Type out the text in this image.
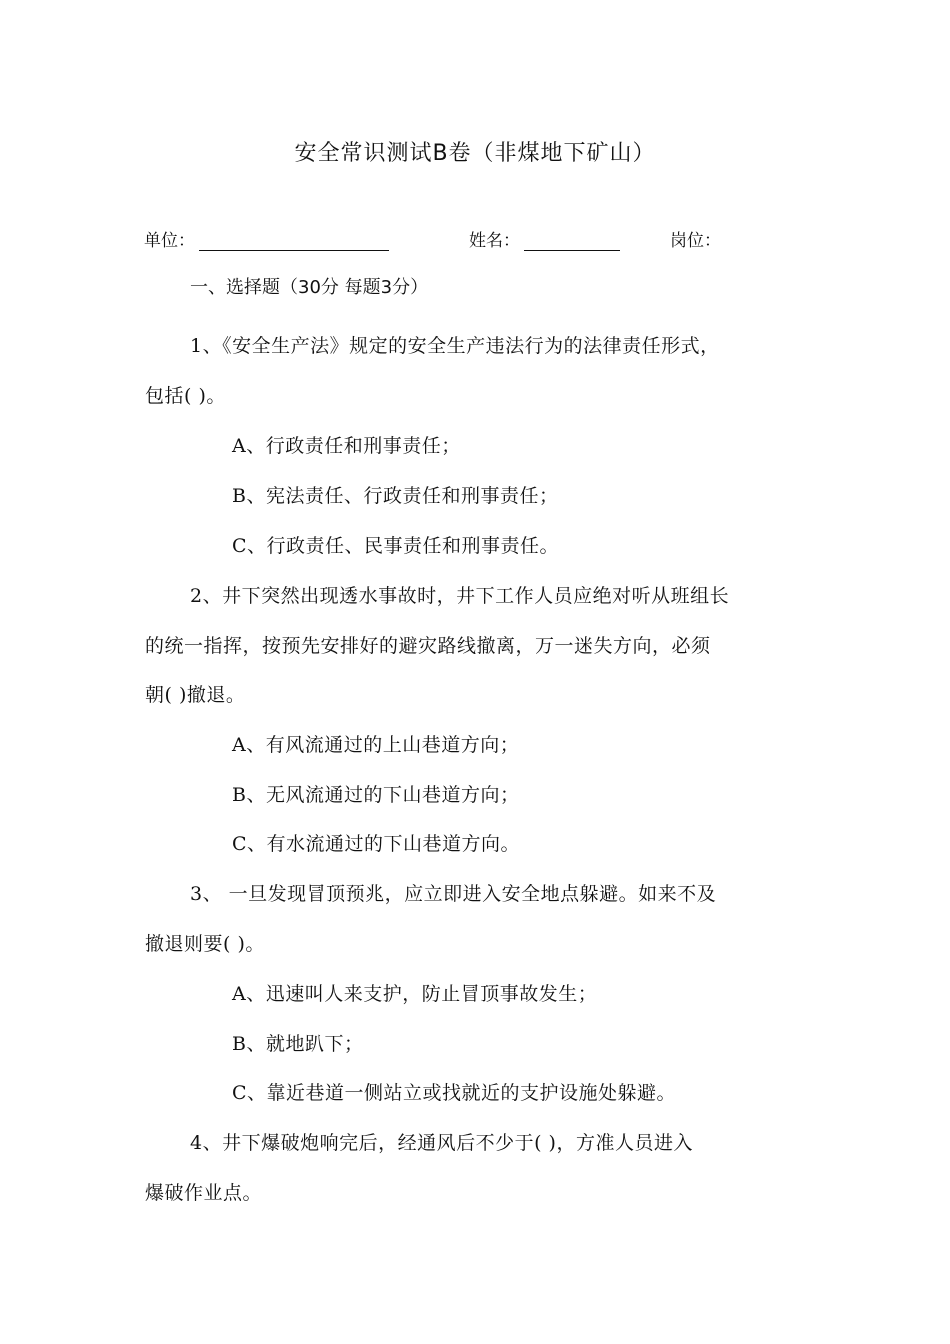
安全常识测试B卷（非煤地下矿山）
单位：	姓名：	岗位：
一、选择题（30分 每题3分）
1、《安全生产法》规定的安全生产违法行为的法律责任形式，
包括( )。
A、行政责任和刑事责任；
B、宪法责任、行政责任和刑事责任；
C、行政责任、民事责任和刑事责任。
2、井下突然出现透水事故时，井下工作人员应绝对听从班组长
的统一指挥，按预先安排好的避灾路线撤离，万一迷失方向，必须
朝( )撤退。
A、有风流通过的上山巷道方向；
B、无风流通过的下山巷道方向；
C、有水流通过的下山巷道方向。
3、 一旦发现冒顶预兆，应立即进入安全地点躲避。如来不及
撤退则要( )。
A、迅速叫人来支护，防止冒顶事故发生；
B、就地趴下；
C、靠近巷道一侧站立或找就近的支护设施处躲避。
4、井下爆破炮响完后，经通风后不少于( )，方准人员进入
爆破作业点。
